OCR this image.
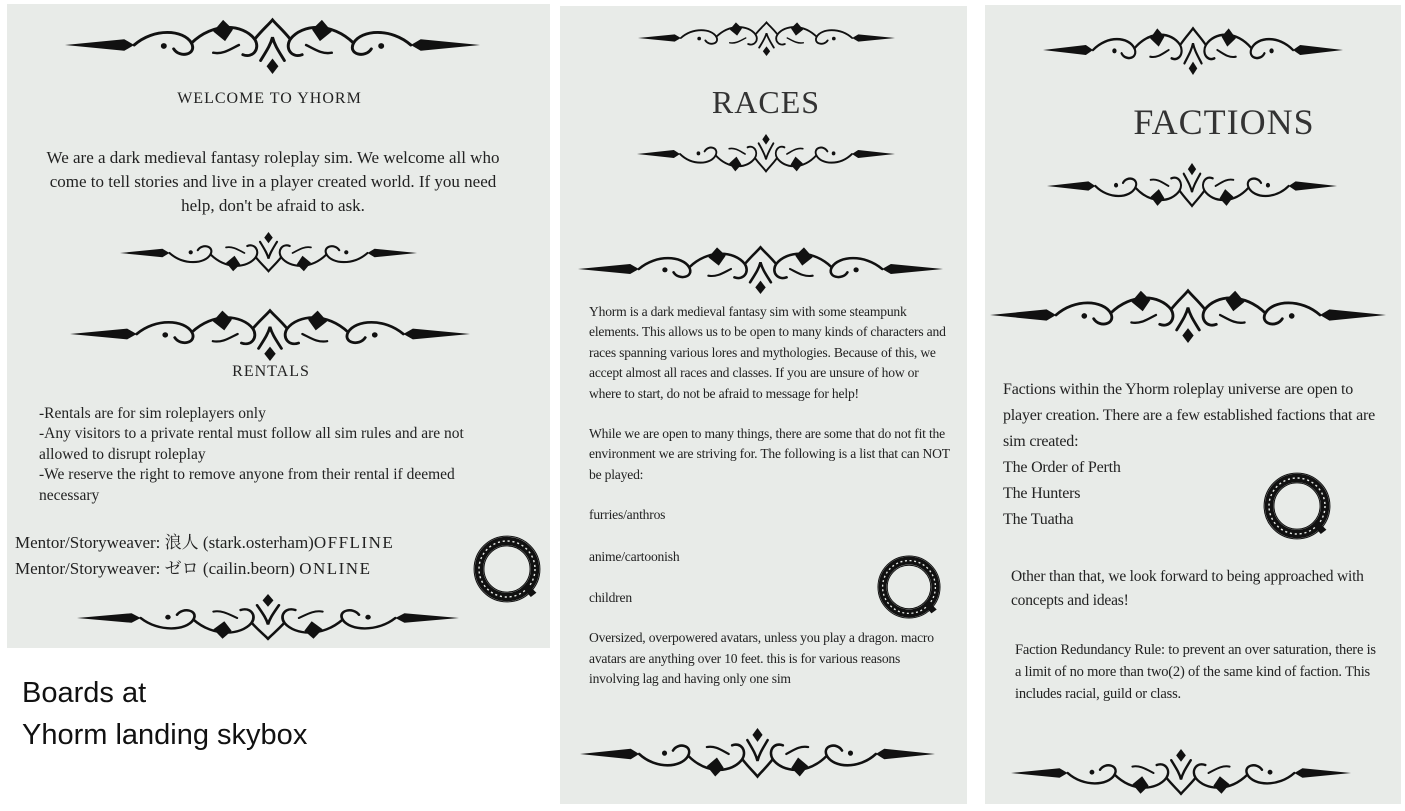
WELCOME TO YHORM

We are a dark medieval fantasy roleplay sim. We welcome all who come to tell stories and live in a player created world. If you need help, don't be afraid to ask.

RENTALS
-Rentals are for sim roleplayers only
-Any visitors to a private rental must follow all sim rules and are not allowed to disrupt roleplay
-We reserve the right to remove anyone from their rental if deemed necessary
Mentor/Storyweaver: 浪人 (stark.osterham)OFFLINE
Mentor/Storyweaver: ゼロ (cailin.beorn) ONLINE
Boards at
Yhorm landing skybox
RACES

Yhorm is a dark medieval fantasy sim with some steampunk elements. This allows us to be open to many kinds of characters and races spanning various lores and mythologies. Because of this, we accept almost all races and classes. If you are unsure of how or where to start, do not be afraid to message for help!

While we are open to many things, there are some that do not fit the environment we are striving for. The following is a list that can NOT be played:

furries/anthros

anime/cartoonish

children

Oversized, overpowered avatars, unless you play a dragon. macro avatars are anything over 10 feet. this is for various reasons involving lag and having only one sim

FACTIONS

Factions within the Yhorm roleplay universe are open to player creation. There are a few established factions that are sim created:

The Order of Perth
The Hunters
The Tuatha

Other than that, we look forward to being approached with concepts and ideas!

Faction Redundancy Rule: to prevent an over saturation, there is a limit of no more than two(2) of the same kind of faction. This includes racial, guild or class.
